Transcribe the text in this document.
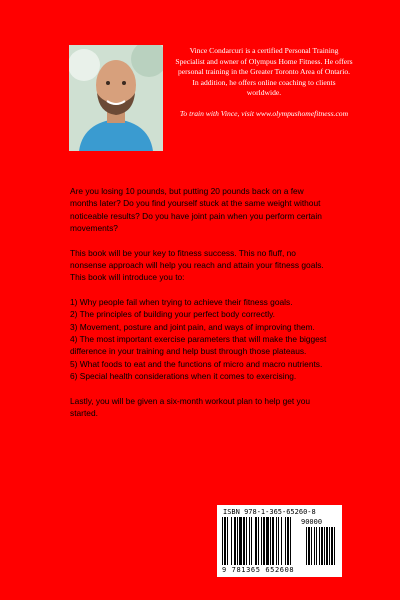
Vince Condarcuri is a certified Personal Training Specialist and owner of Olympus Home Fitness. He offers personal training in the Greater Toronto Area of Ontario. In addition, he offers online coaching to clients worldwide.
To train with Vince, visit www.olympushomefitness.com

Are you losing 10 pounds, but putting 20 pounds back on a few months later? Do you find yourself stuck at the same weight without noticeable results? Do you have joint pain when you perform certain movements?

This book will be your key to fitness success. This no fluff, no nonsense approach will help you reach and attain your fitness goals. This book will introduce you to:

1) Why people fail when trying to achieve their fitness goals.
2) The principles of building your perfect body correctly.
3) Movement, posture and joint pain, and ways of improving them.
4) The most important exercise parameters that will make the biggest difference in your training and help bust through those plateaus.
5) What foods to eat and the functions of micro and macro nutrients.
6) Special health considerations when it comes to exercising.

Lastly, you will be given a six-month workout plan to help get you started.

ISBN 978-1-365-65260-8
90000
9 781365 652608
